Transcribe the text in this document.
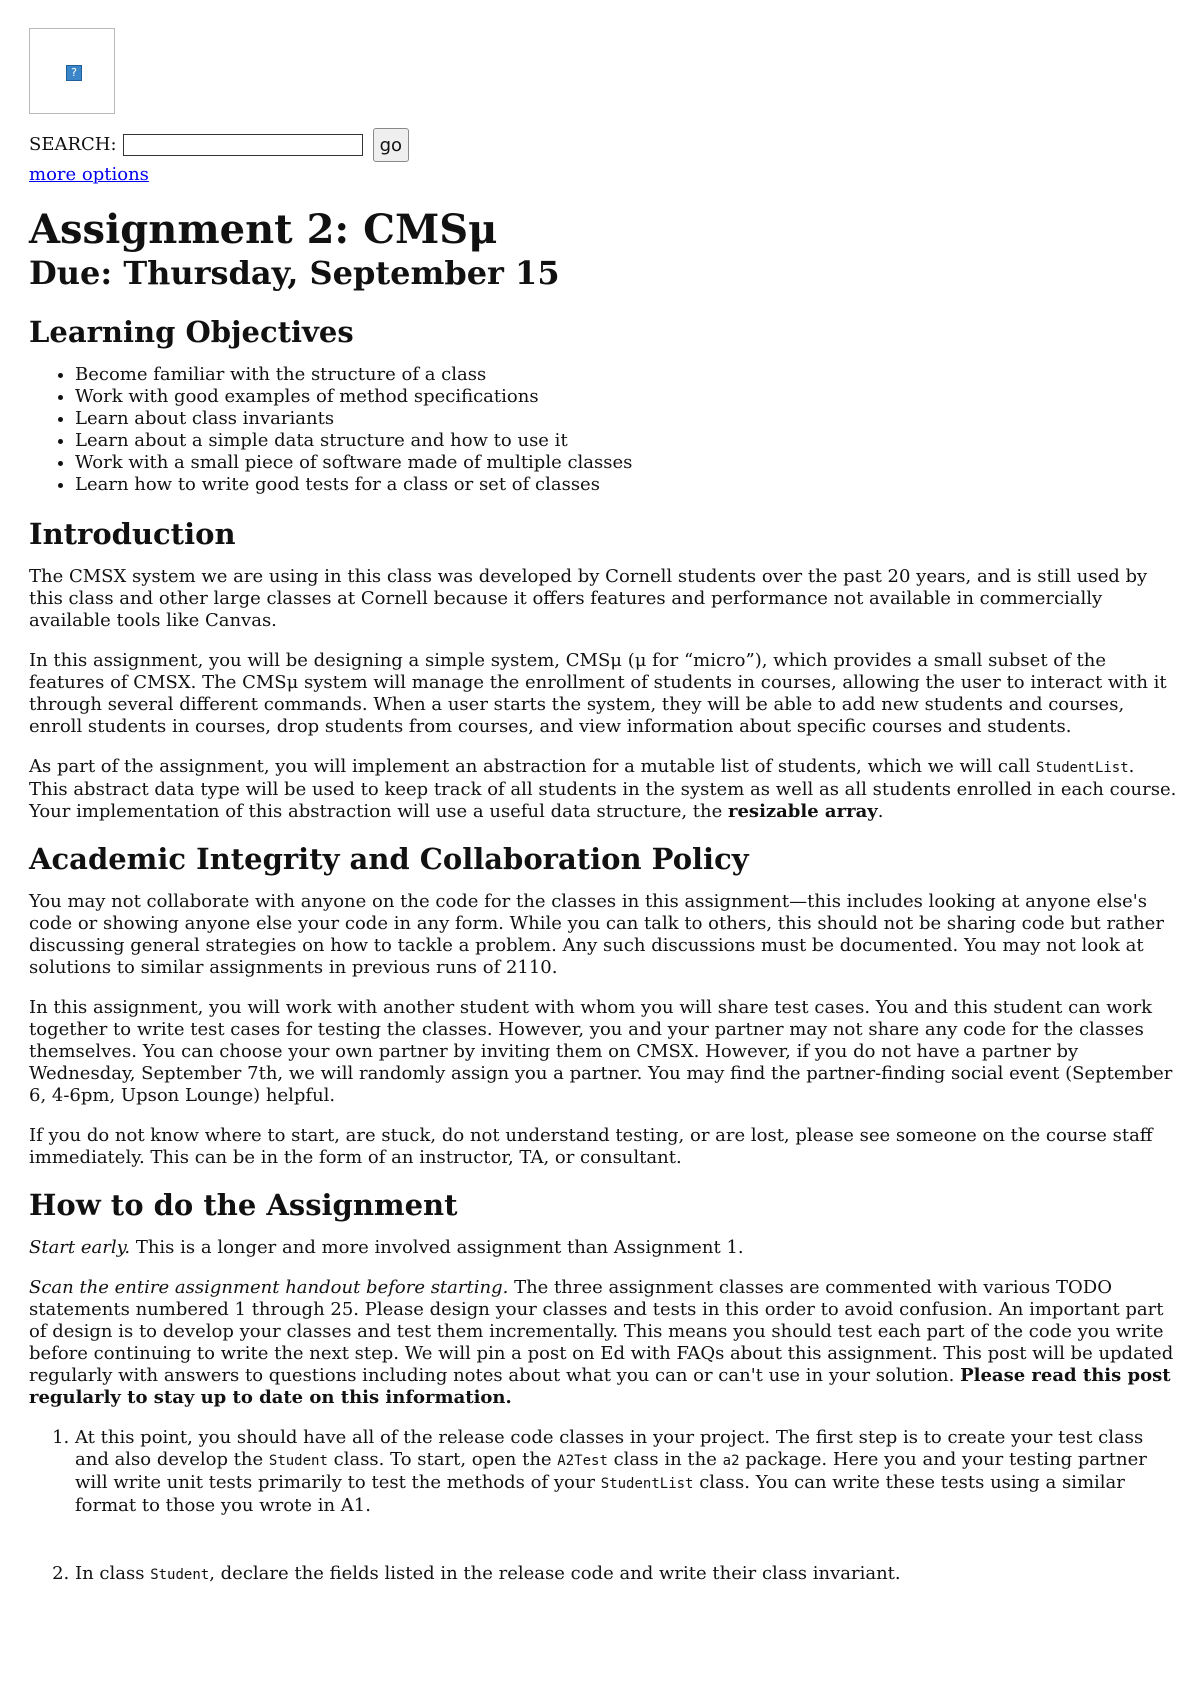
?
SEARCH:	go
more options
Assignment 2: CMSμ
Due: Thursday, September 15
Learning Objectives
• Become familiar with the structure of a class
• Work with good examples of method specifications
• Learn about class invariants
• Learn about a simple data structure and how to use it
• Work with a small piece of software made of multiple classes
• Learn how to write good tests for a class or set of classes
Introduction

The CMSX system we are using in this class was developed by Cornell students over the past 20 years, and is still used by this class and other large classes at Cornell because it offers features and performance not available in commercially available tools like Canvas.

In this assignment, you will be designing a simple system, CMSμ (μ for “micro”), which provides a small subset of the features of CMSX. The CMSμ system will manage the enrollment of students in courses, allowing the user to interact with it through several different commands. When a user starts the system, they will be able to add new students and courses, enroll students in courses, drop students from courses, and view information about specific courses and students.

As part of the assignment, you will implement an abstraction for a mutable list of students, which we will call StudentList. This abstract data type will be used to keep track of all students in the system as well as all students enrolled in each course. Your implementation of this abstraction will use a useful data structure, the resizable array.

Academic Integrity and Collaboration Policy

You may not collaborate with anyone on the code for the classes in this assignment—this includes looking at anyone else's code or showing anyone else your code in any form. While you can talk to others, this should not be sharing code but rather discussing general strategies on how to tackle a problem. Any such discussions must be documented. You may not look at solutions to similar assignments in previous runs of 2110.

In this assignment, you will work with another student with whom you will share test cases. You and this student can work together to write test cases for testing the classes. However, you and your partner may not share any code for the classes themselves. You can choose your own partner by inviting them on CMSX. However, if you do not have a partner by Wednesday, September 7th, we will randomly assign you a partner. You may find the partner-finding social event (September 6, 4-6pm, Upson Lounge) helpful.

If you do not know where to start, are stuck, do not understand testing, or are lost, please see someone on the course staff immediately. This can be in the form of an instructor, TA, or consultant.

How to do the Assignment

Start early. This is a longer and more involved assignment than Assignment 1.

Scan the entire assignment handout before starting. The three assignment classes are commented with various TODO statements numbered 1 through 25. Please design your classes and tests in this order to avoid confusion. An important part of design is to develop your classes and test them incrementally. This means you should test each part of the code you write before continuing to write the next step. We will pin a post on Ed with FAQs about this assignment. This post will be updated regularly with answers to questions including notes about what you can or can't use in your solution. Please read this post regularly to stay up to date on this information.

1. At this point, you should have all of the release code classes in your project. The first step is to create your test class and also develop the Student class. To start, open the A2Test class in the a2 package. Here you and your testing partner will write unit tests primarily to test the methods of your StudentList class. You can write these tests using a similar format to those you wrote in A1.
2. In class Student, declare the fields listed in the release code and write their class invariant.
